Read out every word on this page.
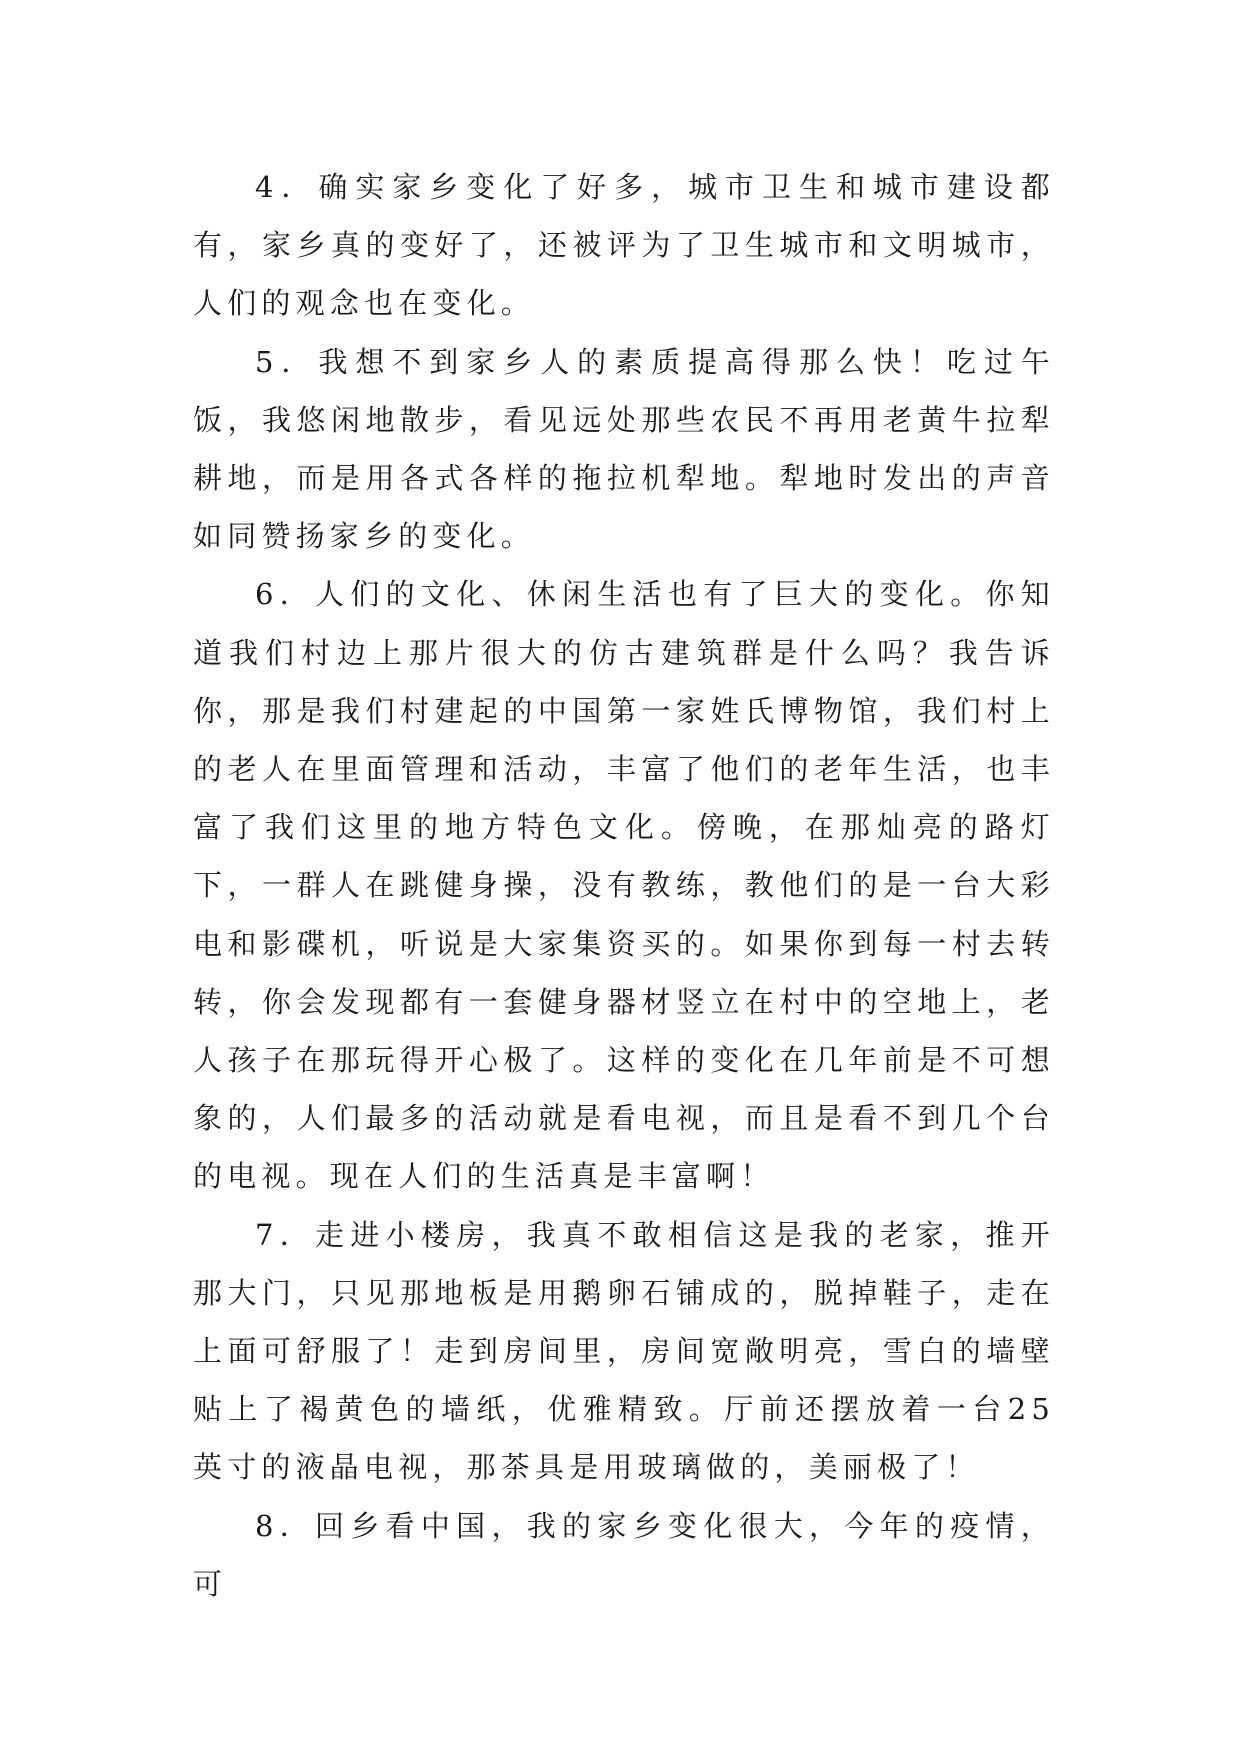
4．确实家乡变化了好多，城市卫生和城市建设都有，家乡真的变好了，还被评为了卫生城市和文明城市，人们的观念也在变化。

5．我想不到家乡人的素质提高得那么快！吃过午饭，我悠闲地散步，看见远处那些农民不再用老黄牛拉犁耕地，而是用各式各样的拖拉机犁地。犁地时发出的声音如同赞扬家乡的变化。

6．人们的文化、休闲生活也有了巨大的变化。你知道我们村边上那片很大的仿古建筑群是什么吗？我告诉你，那是我们村建起的中国第一家姓氏博物馆，我们村上的老人在里面管理和活动，丰富了他们的老年生活，也丰富了我们这里的地方特色文化。傍晚，在那灿亮的路灯下，一群人在跳健身操，没有教练，教他们的是一台大彩电和影碟机，听说是大家集资买的。如果你到每一村去转转，你会发现都有一套健身器材竖立在村中的空地上，老人孩子在那玩得开心极了。这样的变化在几年前是不可想象的，人们最多的活动就是看电视，而且是看不到几个台的电视。现在人们的生活真是丰富啊！

7．走进小楼房，我真不敢相信这是我的老家，推开那大门，只见那地板是用鹅卵石铺成的，脱掉鞋子，走在上面可舒服了！走到房间里，房间宽敞明亮，雪白的墙壁贴上了褐黄色的墙纸，优雅精致。厅前还摆放着一台25英寸的液晶电视，那茶具是用玻璃做的，美丽极了！

8．回乡看中国，我的家乡变化很大，今年的疫情，可
